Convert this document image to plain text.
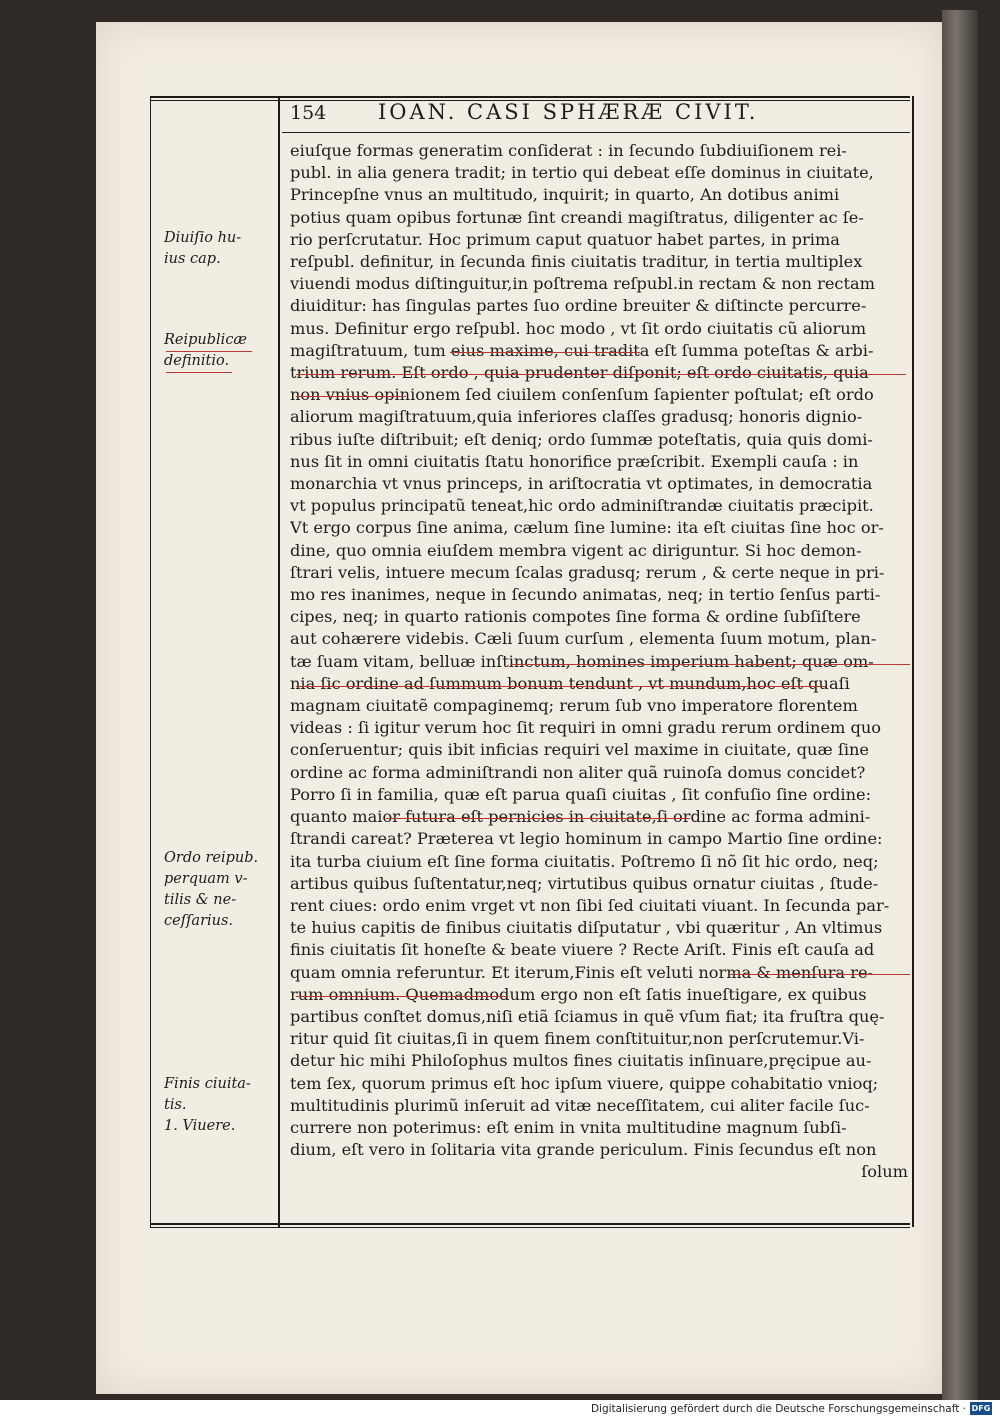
154 IOAN. CASI SPHÆRÆ CIVIT.
Diuiſio hu-
ius cap.
Reipublicæ
definitio.
Ordo reipub.
perquam v-
tilis & ne-
ceſſarius.
Finis ciuita-
tis.
1. Viuere.
eiuſque formas generatim conſiderat : in ſecundo ſubdiuiſionem rei-
publ. in alia genera tradit; in tertio qui debeat eſſe dominus in ciuitate,
Princepſne vnus an multitudo, inquirit; in quarto, An dotibus animi
potius quam opibus fortunæ ſint creandi magiſtratus, diligenter ac ſe-
rio perſcrutatur. Hoc primum caput quatuor habet partes, in prima
reſpubl. definitur, in ſecunda finis ciuitatis traditur, in tertia multiplex
viuendi modus diſtinguitur,in poſtrema reſpubl.in rectam & non rectam
diuiditur: has ſingulas partes ſuo ordine breuiter & diſtincte percurre-
mus. Definitur ergo reſpubl. hoc modo , vt ſit ordo ciuitatis cũ aliorum
magiſtratuum, tum eius maxime, cui tradita eſt ſumma poteſtas & arbi-
trium rerum. Eſt ordo , quia prudenter diſponit; eſt ordo ciuitatis, quia
non vnius opinionem ſed ciuilem conſenſum ſapienter poſtulat; eſt ordo
aliorum magiſtratuum,quia inferiores claſſes gradusq; honoris dignio-
ribus iuſte diſtribuit; eſt deniq; ordo ſummæ poteſtatis, quia quis domi-
nus ſit in omni ciuitatis ſtatu honorifice præſcribit. Exempli cauſa : in
monarchia vt vnus princeps, in ariſtocratia vt optimates, in democratia
vt populus principatũ teneat,hic ordo adminiſtrandæ ciuitatis præcipit.
Vt ergo corpus ſine anima, cælum ſine lumine: ita eſt ciuitas ſine hoc or-
dine, quo omnia eiuſdem membra vigent ac diriguntur. Si hoc demon-
ſtrari velis, intuere mecum ſcalas gradusq; rerum , & certe neque in pri-
mo res inanimes, neque in ſecundo animatas, neq; in tertio ſenſus parti-
cipes, neq; in quarto rationis compotes ſine forma & ordine ſubſiſtere
aut cohærere videbis. Cæli ſuum curſum , elementa ſuum motum, plan-
tæ ſuam vitam, belluæ inſtinctum, homines imperium habent; quæ om-
nia ſic ordine ad ſummum bonum tendunt , vt mundum,hoc eſt quaſi
magnam ciuitatẽ compaginemq; rerum ſub vno imperatore florentem
videas : ſi igitur verum hoc ſit requiri in omni gradu rerum ordinem quo
conſeruentur; quis ibit inficias requiri vel maxime in ciuitate, quæ ſine
ordine ac forma adminiſtrandi non aliter quã ruinoſa domus concidet?
Porro ſi in familia, quæ eſt parua quaſi ciuitas , ſit confuſio ſine ordine:
quanto maior futura eſt pernicies in ciuitate,ſi ordine ac forma admini-
ſtrandi careat? Præterea vt legio hominum in campo Martio ſine ordine:
ita turba ciuium eſt ſine forma ciuitatis. Poſtremo ſi nõ ſit hic ordo, neq;
artibus quibus ſuſtentatur,neq; virtutibus quibus ornatur ciuitas , ſtude-
rent ciues: ordo enim vrget vt non ſibi ſed ciuitati viuant. In ſecunda par-
te huius capitis de finibus ciuitatis diſputatur , vbi quæritur , An vltimus
finis ciuitatis ſit honeſte & beate viuere ? Recte Ariſt. Finis eſt cauſa ad
quam omnia referuntur. Et iterum,Finis eſt veluti norma & menſura re-
rum omnium. Quemadmodum ergo non eſt ſatis inueſtigare, ex quibus
partibus conſtet domus,niſi etiã ſciamus in quẽ vſum fiat; ita fruſtra quę-
ritur quid ſit ciuitas,ſi in quem finem conſtituitur,non perſcrutemur.Vi-
detur hic mihi Philoſophus multos fines ciuitatis inſinuare,pręcipue au-
tem ſex, quorum primus eſt hoc ipſum viuere, quippe cohabitatio vnioq;
multitudinis plurimũ inſeruit ad vitæ neceſſitatem, cui aliter facile ſuc-
currere non poterimus: eſt enim in vnita multitudine magnum ſubſi-
dium, eſt vero in ſolitaria vita grande periculum. Finis ſecundus eſt non
ſolum
Digitalisierung gefördert durch die Deutsche Forschungsgemeinschaft · DFG
